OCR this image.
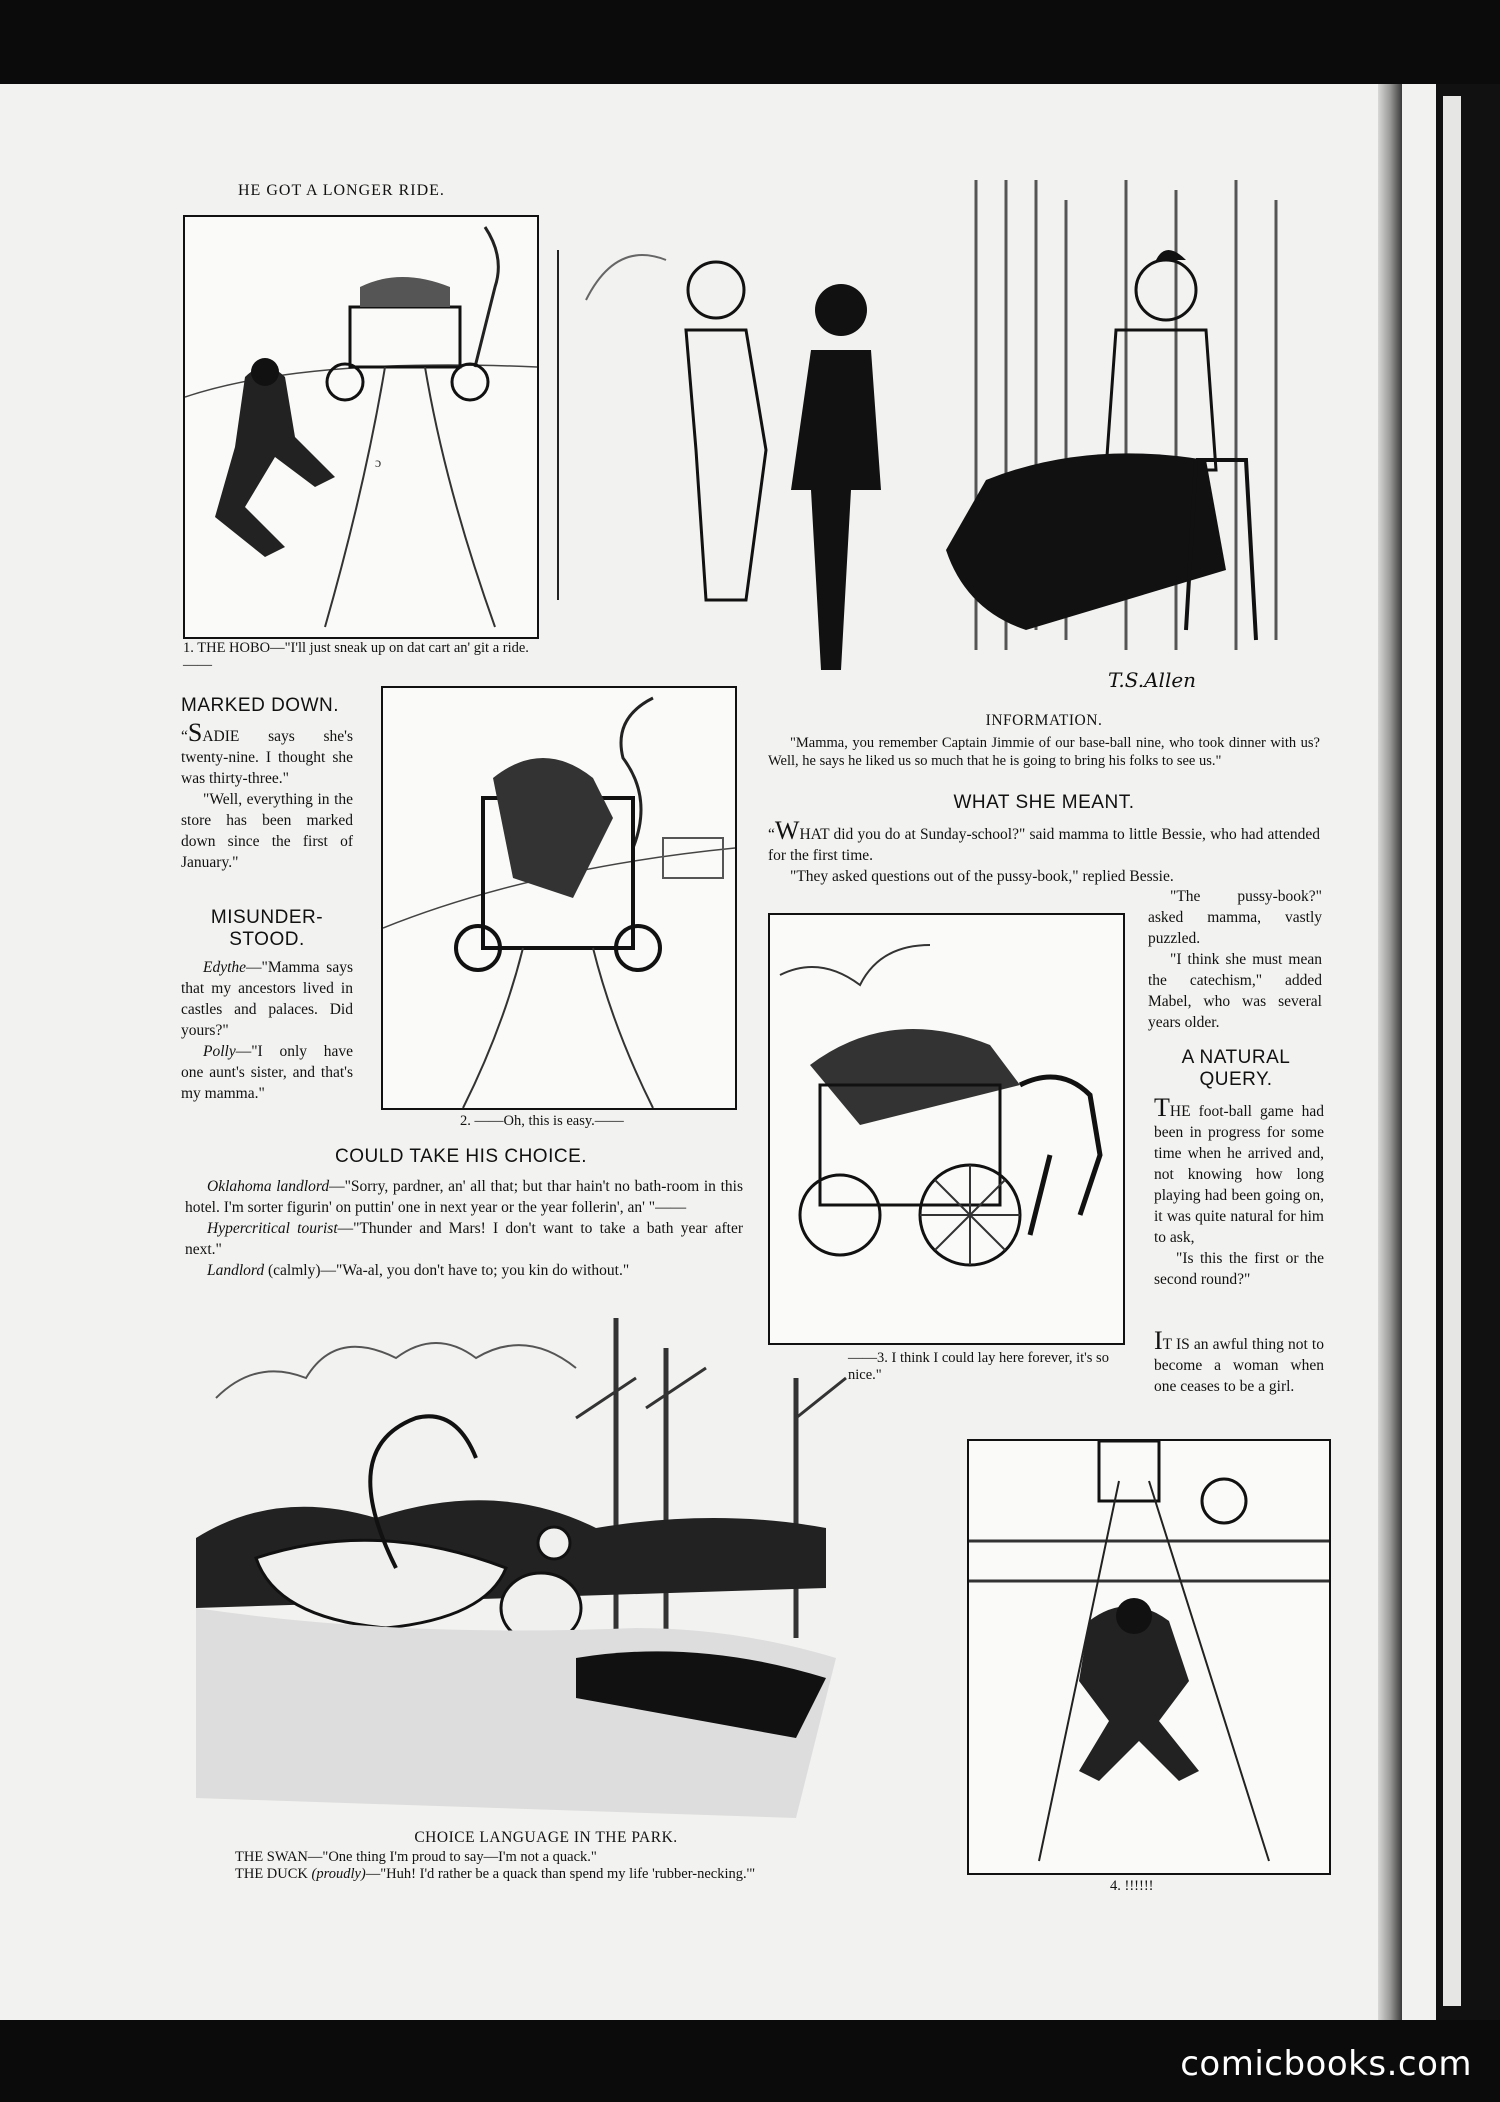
comicbooks.com
HE GOT A LONGER RIDE.
ɔ
1. THE HOBO—"I'll just sneak up on dat cart an' git a ride.——
2. ——Oh, this is easy.——
——3. I think I could lay here forever, it's so nice."
4. !!!!!!
T.S.Allen
INFORMATION.

"Mamma, you remember Captain Jimmie of our base-ball nine, who took dinner with us? Well, he says he liked us so much that he is going to bring his folks to see us."

MARKED DOWN.

“SADIE says she's twenty-nine. I thought she was thirty-three."

"Well, everything in the store has been marked down since the first of January."

MISUNDER-
STOOD.

Edythe—"Mamma says that my ancestors lived in castles and palaces. Did yours?"

Polly—"I only have one aunt's sister, and that's my mamma."

COULD TAKE HIS CHOICE.

Oklahoma landlord—"Sorry, pardner, an' all that; but thar hain't no bath-room in this hotel. I'm sorter figurin' on puttin' one in next year or the year follerin', an' "——

Hypercritical tourist—"Thunder and Mars! I don't want to take a bath year after next."

Landlord (calmly)—"Wa-al, you don't have to; you kin do without."

WHAT SHE MEANT.

“WHAT did you do at Sunday-school?" said mamma to little Bessie, who had attended for the first time.

"They asked questions out of the pussy-book," replied Bessie.

"The pussy-book?" asked mamma, vastly puzzled.

"I think she must mean the catechism," added Mabel, who was several years older.

A NATURAL
QUERY.

THE foot-ball game had been in progress for some time when he arrived and, not knowing how long playing had been going on, it was quite natural for him to ask,

"Is this the first or the second round?"

IT IS an awful thing not to become a woman when one ceases to be a girl.

CHOICE LANGUAGE IN THE PARK.
THE SWAN—"One thing I'm proud to say—I'm not a quack."
THE DUCK (proudly)—"Huh! I'd rather be a quack than spend my life 'rubber-necking.'"
